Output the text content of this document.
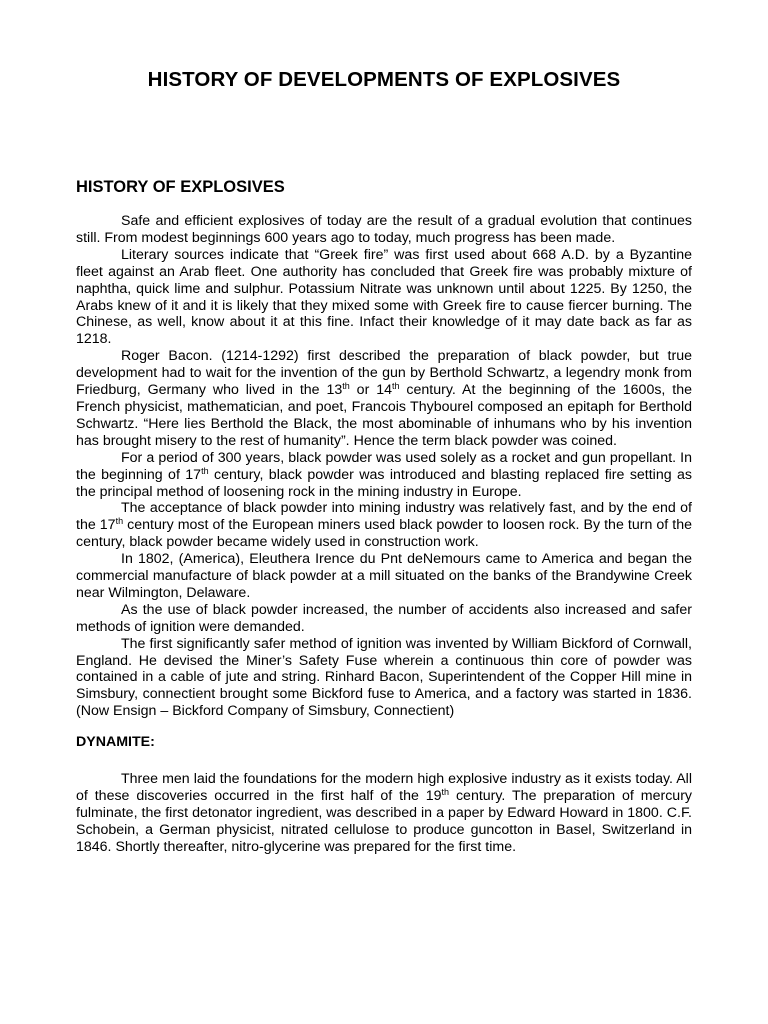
HISTORY OF DEVELOPMENTS OF EXPLOSIVES
HISTORY OF EXPLOSIVES

Safe and efficient explosives of today are the result of a gradual evolution that continues still. From modest beginnings 600 years ago to today, much progress has been made.

Literary sources indicate that “Greek fire” was first used about 668 A.D. by a Byzantine fleet against an Arab fleet. One authority has concluded that Greek fire was probably mixture of naphtha, quick lime and sulphur. Potassium Nitrate was unknown until about 1225. By 1250, the Arabs knew of it and it is likely that they mixed some with Greek fire to cause fiercer burning. The Chinese, as well, know about it at this fine. Infact their knowledge of it may date back as far as 1218.

Roger Bacon. (1214-1292) first described the preparation of black powder, but true development had to wait for the invention of the gun by Berthold Schwartz, a legendry monk from Friedburg, Germany who lived in the 13th or 14th century. At the beginning of the 1600s, the French physicist, mathematician, and poet, Francois Thybourel composed an epitaph for Berthold Schwartz. “Here lies Berthold the Black, the most abominable of inhumans who by his invention has brought misery to the rest of humanity”. Hence the term black powder was coined.

For a period of 300 years, black powder was used solely as a rocket and gun propellant. In the beginning of 17th century, black powder was introduced and blasting replaced fire setting as the principal method of loosening rock in the mining industry in Europe.

The acceptance of black powder into mining industry was relatively fast, and by the end of the 17th century most of the European miners used black powder to loosen rock. By the turn of the century, black powder became widely used in construction work.

In 1802, (America), Eleuthera Irence du Pnt deNemours came to America and began the commercial manufacture of black powder at a mill situated on the banks of the Brandywine Creek near Wilmington, Delaware.

As the use of black powder increased, the number of accidents also increased and safer methods of ignition were demanded.

The first significantly safer method of ignition was invented by William Bickford of Cornwall, England. He devised the Miner’s Safety Fuse wherein a continuous thin core of powder was contained in a cable of jute and string. Rinhard Bacon, Superintendent of the Copper Hill mine in Simsbury, connectient brought some Bickford fuse to America, and a factory was started in 1836. (Now Ensign – Bickford Company of Simsbury, Connectient)

DYNAMITE:

Three men laid the foundations for the modern high explosive industry as it exists today. All of these discoveries occurred in the first half of the 19th century. The preparation of mercury fulminate, the first detonator ingredient, was described in a paper by Edward Howard in 1800. C.F. Schobein, a German physicist, nitrated cellulose to produce guncotton in Basel, Switzerland in 1846. Shortly thereafter, nitro-glycerine was prepared for the first time.
